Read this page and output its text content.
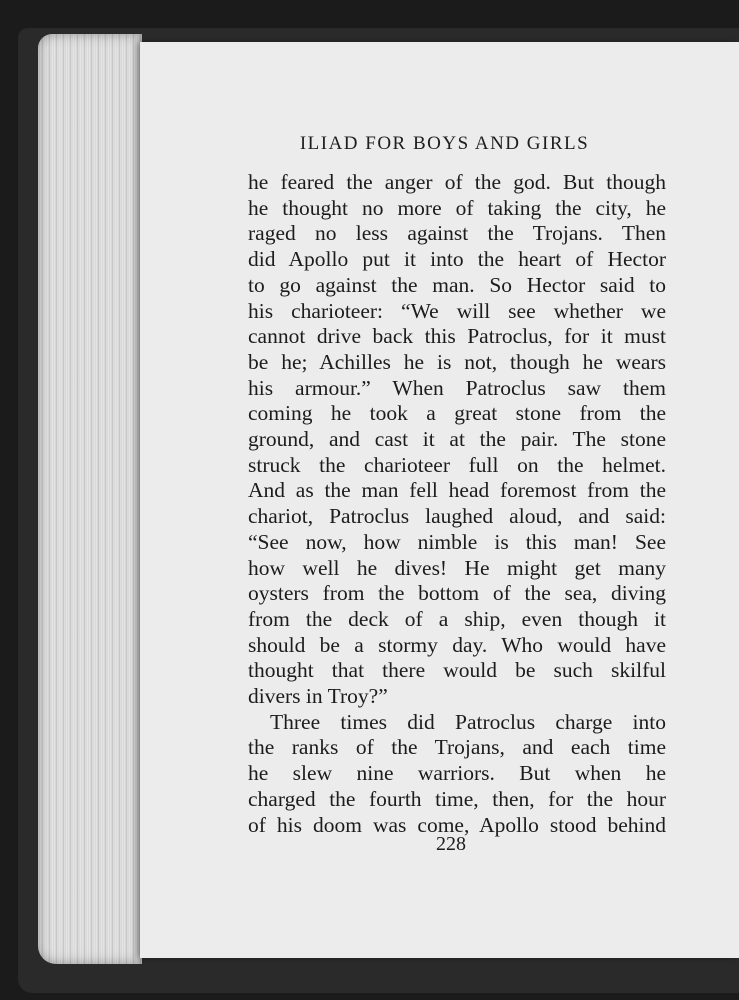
ILIAD FOR BOYS AND GIRLS
he feared the anger of the god. But though
he thought no more of taking the city, he
raged no less against the Trojans. Then
did Apollo put it into the heart of Hector
to go against the man. So Hector said to
his charioteer: “We will see whether we
cannot drive back this Patroclus, for it must
be he; Achilles he is not, though he wears
his armour.” When Patroclus saw them
coming he took a great stone from the
ground, and cast it at the pair. The stone
struck the charioteer full on the helmet.
And as the man fell head foremost from the
chariot, Patroclus laughed aloud, and said:
“See now, how nimble is this man! See
how well he dives! He might get many
oysters from the bottom of the sea, diving
from the deck of a ship, even though it
should be a stormy day. Who would have
thought that there would be such skilful
divers in Troy?”
Three times did Patroclus charge into
the ranks of the Trojans, and each time
he slew nine warriors. But when he
charged the fourth time, then, for the hour
of his doom was come, Apollo stood behind
228
